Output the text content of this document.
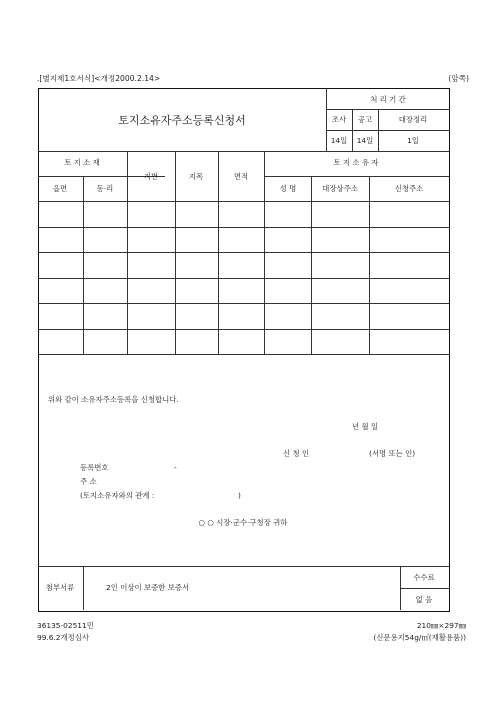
.[별지제1호서식]<개정2000.2.14>	(앞쪽)
토지소유자주소등록신청서
처 리 기 간
조사 공고	대장정리
14일 14일	1일
토 지 소 재
읍면	동·리
지번	지목	면적
토 지 소 유 자
성 명	대장상주소	신청주소
위와 같이 소유자주소등록을 신청합니다.
년 월 일
신 청 인	(서명 또는 인)
등록번호	-
주 소
(토지소유자와의 관계 :	)
○ ○ 시장·군수·구청장 귀하
첨부서류	2인 이상이 보증한 보증서
수수료
없 음
36135-02511민
99.6.2개정심사
210㎜×297㎜
(신문용지54g/㎡(재활용품))
